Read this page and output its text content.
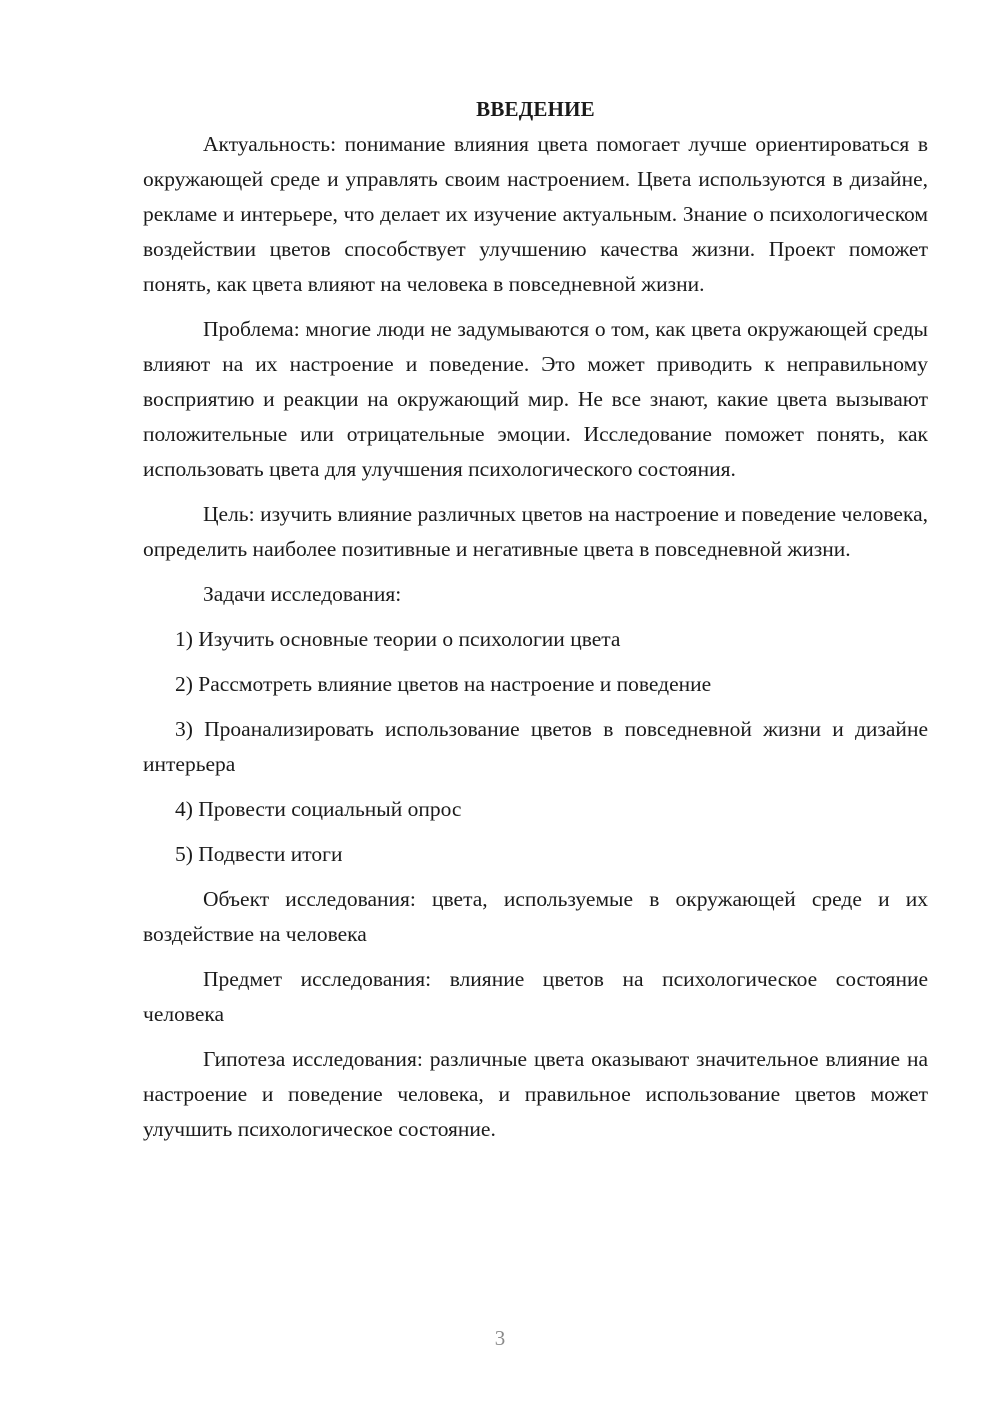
ВВЕДЕНИЕ

Актуальность: понимание влияния цвета помогает лучше ориентироваться в окружающей среде и управлять своим настроением. Цвета используются в дизайне, рекламе и интерьере, что делает их изучение актуальным. Знание о психологическом воздействии цветов способствует улучшению качества жизни. Проект поможет понять, как цвета влияют на человека в повседневной жизни.

Проблема: многие люди не задумываются о том, как цвета окружающей среды влияют на их настроение и поведение. Это может приводить к неправильному восприятию и реакции на окружающий мир. Не все знают, какие цвета вызывают положительные или отрицательные эмоции. Исследование поможет понять, как использовать цвета для улучшения психологического состояния.

Цель: изучить влияние различных цветов на настроение и поведение человека, определить наиболее позитивные и негативные цвета в повседневной жизни.

Задачи исследования:

1) Изучить основные теории о психологии цвета

2) Рассмотреть влияние цветов на настроение и поведение

3) Проанализировать использование цветов в повседневной жизни и дизайне интерьера

4) Провести социальный опрос

5) Подвести итоги

Объект исследования: цвета, используемые в окружающей среде и их воздействие на человека

Предмет исследования: влияние цветов на психологическое состояние человека

Гипотеза исследования: различные цвета оказывают значительное влияние на настроение и поведение человека, и правильное использование цветов может улучшить психологическое состояние.

3
